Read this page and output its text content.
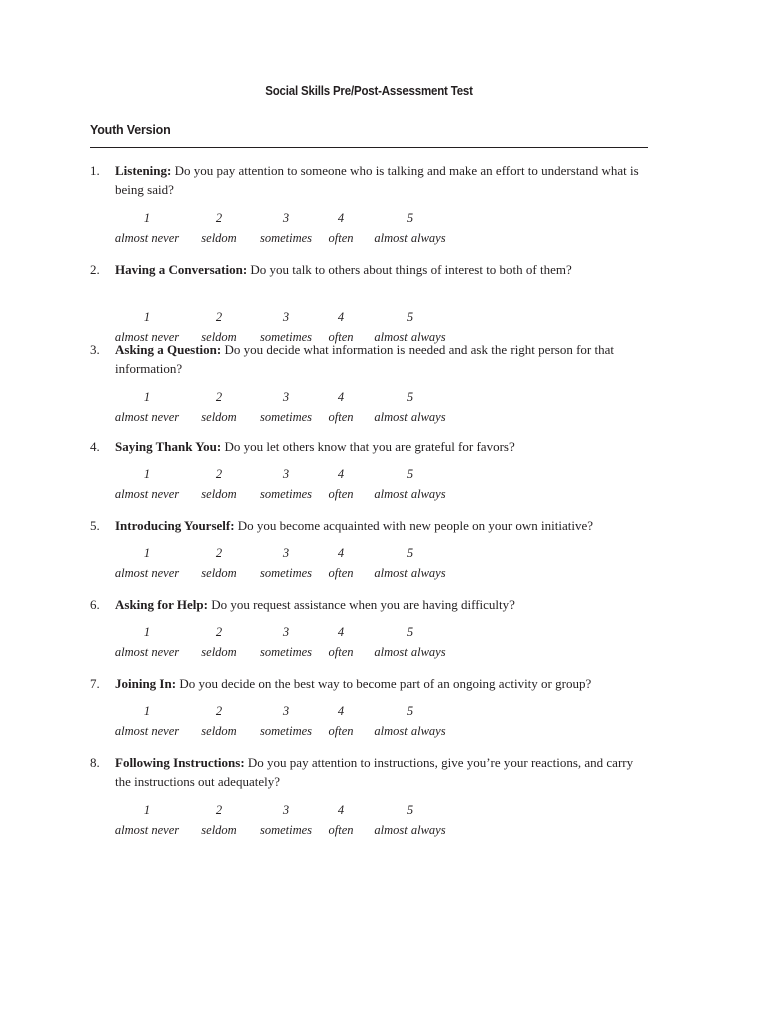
Social Skills Pre/Post-Assessment Test
Youth Version
1. Listening: Do you pay attention to someone who is talking and make an effort to understand what is being said?
1
almost never
2
seldom
3
sometimes
4
often
5
almost always
2. Having a Conversation: Do you talk to others about things of interest to both of them?
1
almost never
2
seldom
3
sometimes
4
often
5
almost always
3. Asking a Question: Do you decide what information is needed and ask the right person for that information?
1
almost never
2
seldom
3
sometimes
4
often
5
almost always
4. Saying Thank You: Do you let others know that you are grateful for favors?
1
almost never
2
seldom
3
sometimes
4
often
5
almost always
5. Introducing Yourself: Do you become acquainted with new people on your own initiative?
1
almost never
2
seldom
3
sometimes
4
often
5
almost always
6. Asking for Help: Do you request assistance when you are having difficulty?
1
almost never
2
seldom
3
sometimes
4
often
5
almost always
7. Joining In: Do you decide on the best way to become part of an ongoing activity or group?
1
almost never
2
seldom
3
sometimes
4
often
5
almost always
8. Following Instructions: Do you pay attention to instructions, give you’re your reactions, and carry the instructions out adequately?
1
almost never
2
seldom
3
sometimes
4
often
5
almost always
